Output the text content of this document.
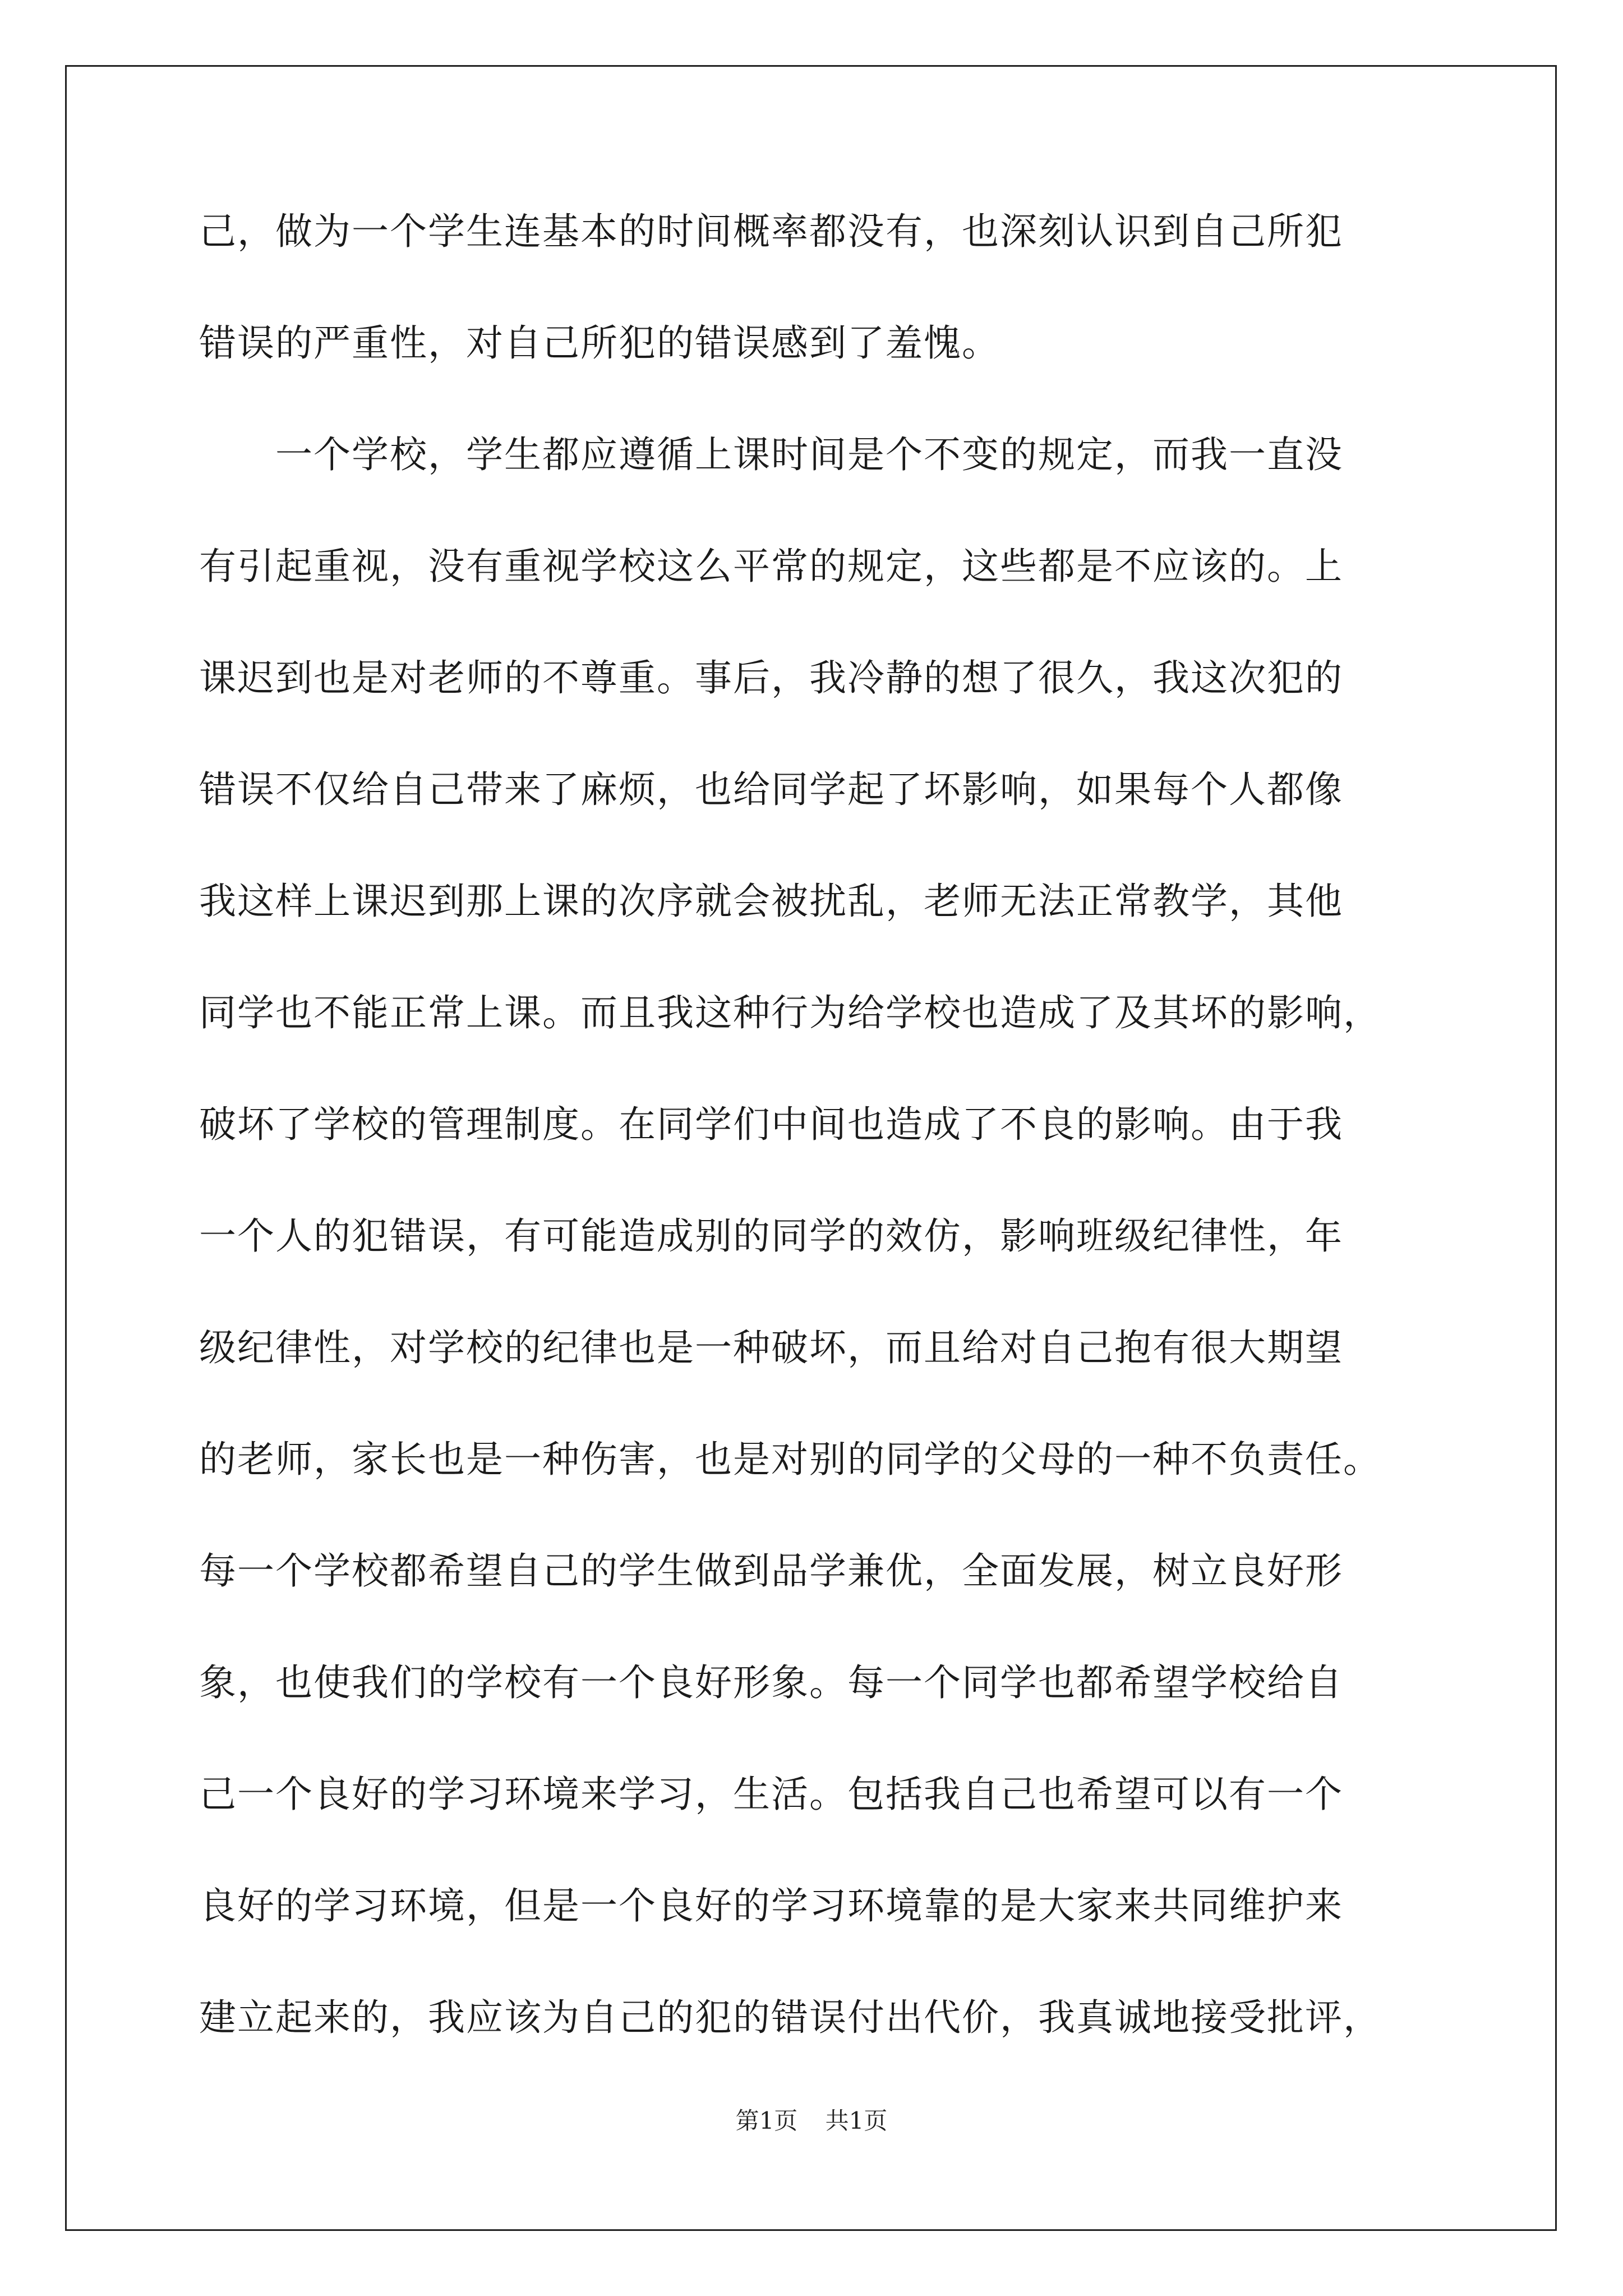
己，做为一个学生连基本的时间概率都没有，也深刻认识到自己所犯
错误的严重性，对自己所犯的错误感到了羞愧。
　　一个学校，学生都应遵循上课时间是个不变的规定，而我一直没
有引起重视，没有重视学校这么平常的规定，这些都是不应该的。上
课迟到也是对老师的不尊重。事后，我冷静的想了很久，我这次犯的
错误不仅给自己带来了麻烦，也给同学起了坏影响，如果每个人都像
我这样上课迟到那上课的次序就会被扰乱，老师无法正常教学，其他
同学也不能正常上课。而且我这种行为给学校也造成了及其坏的影响，
破坏了学校的管理制度。在同学们中间也造成了不良的影响。由于我
一个人的犯错误，有可能造成别的同学的效仿，影响班级纪律性，年
级纪律性，对学校的纪律也是一种破坏，而且给对自己抱有很大期望
的老师，家长也是一种伤害，也是对别的同学的父母的一种不负责任。
每一个学校都希望自己的学生做到品学兼优，全面发展，树立良好形
象，也使我们的学校有一个良好形象。每一个同学也都希望学校给自
己一个良好的学习环境来学习，生活。包括我自己也希望可以有一个
良好的学习环境，但是一个良好的学习环境靠的是大家来共同维护来
建立起来的，我应该为自己的犯的错误付出代价，我真诚地接受批评，
第1页 共1页
